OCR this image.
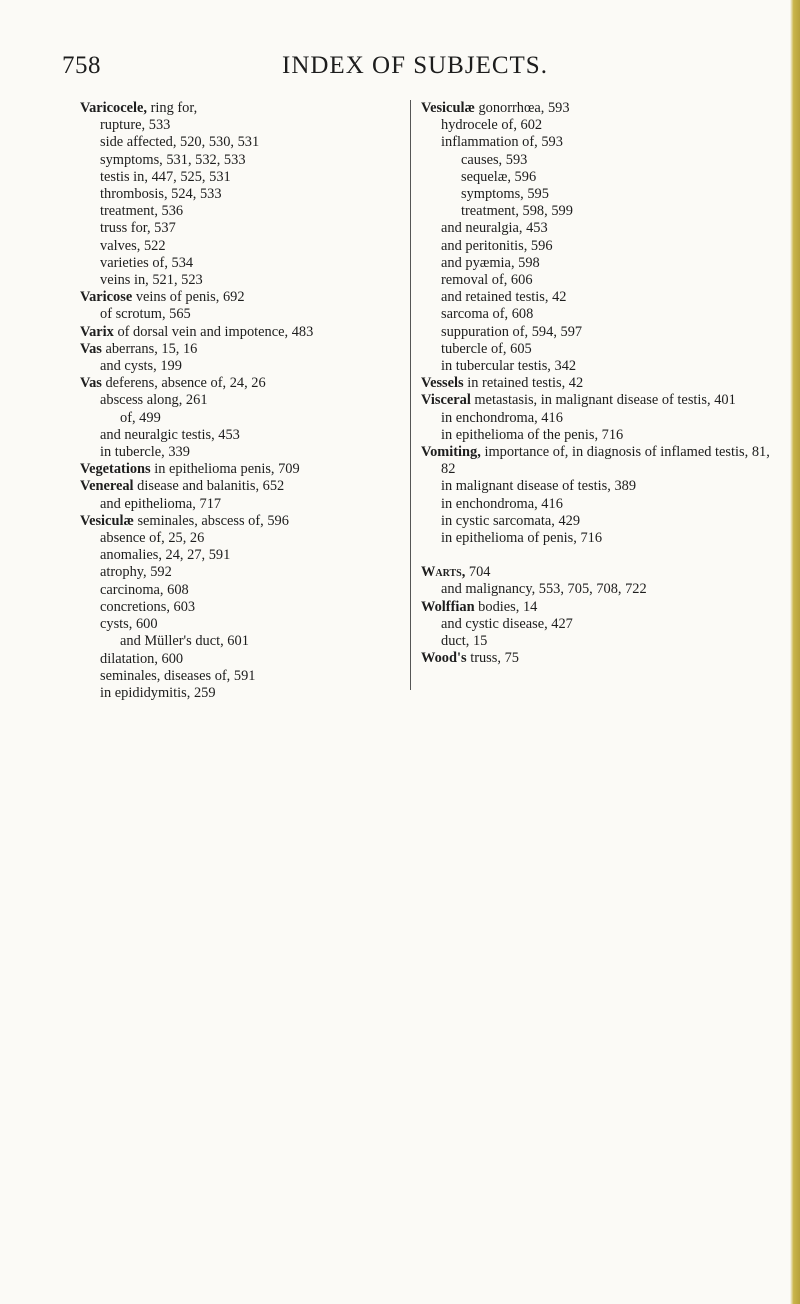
758	INDEX OF SUBJECTS.
Varicocele, ring for,
rupture, 533
side affected, 520, 530, 531
symptoms, 531, 532, 533
testis in, 447, 525, 531
thrombosis, 524, 533
treatment, 536
truss for, 537
valves, 522
varieties of, 534
veins in, 521, 523
Varicose veins of penis, 692
of scrotum, 565
Varix of dorsal vein and impotence, 483
Vas aberrans, 15, 16
and cysts, 199
Vas deferens, absence of, 24, 26
abscess along, 261
of, 499
and neuralgic testis, 453
in tubercle, 339
Vegetations in epithelioma penis, 709
Venereal disease and balanitis, 652
and epithelioma, 717
Vesiculæ seminales, abscess of, 596
absence of, 25, 26
anomalies, 24, 27, 591
atrophy, 592
carcinoma, 608
concretions, 603
cysts, 600
and Müller's duct, 601
dilatation, 600
seminales, diseases of, 591
in epididymitis, 259
Vesiculæ gonorrhœa, 593
hydrocele of, 602
inflammation of, 593
causes, 593
sequelæ, 596
symptoms, 595
treatment, 598, 599
and neuralgia, 453
and peritonitis, 596
and pyæmia, 598
removal of, 606
and retained testis, 42
sarcoma of, 608
suppuration of, 594, 597
tubercle of, 605
in tubercular testis, 342
Vessels in retained testis, 42
Visceral metastasis, in malignant disease of testis, 401
in enchondroma, 416
in epithelioma of the penis, 716
Vomiting, importance of, in diagnosis of inflamed testis, 81, 82
in malignant disease of testis, 389
in enchondroma, 416
in cystic sarcomata, 429
in epithelioma of penis, 716
Warts, 704
and malignancy, 553, 705, 708, 722
Wolffian bodies, 14
and cystic disease, 427
duct, 15
Wood's truss, 75
